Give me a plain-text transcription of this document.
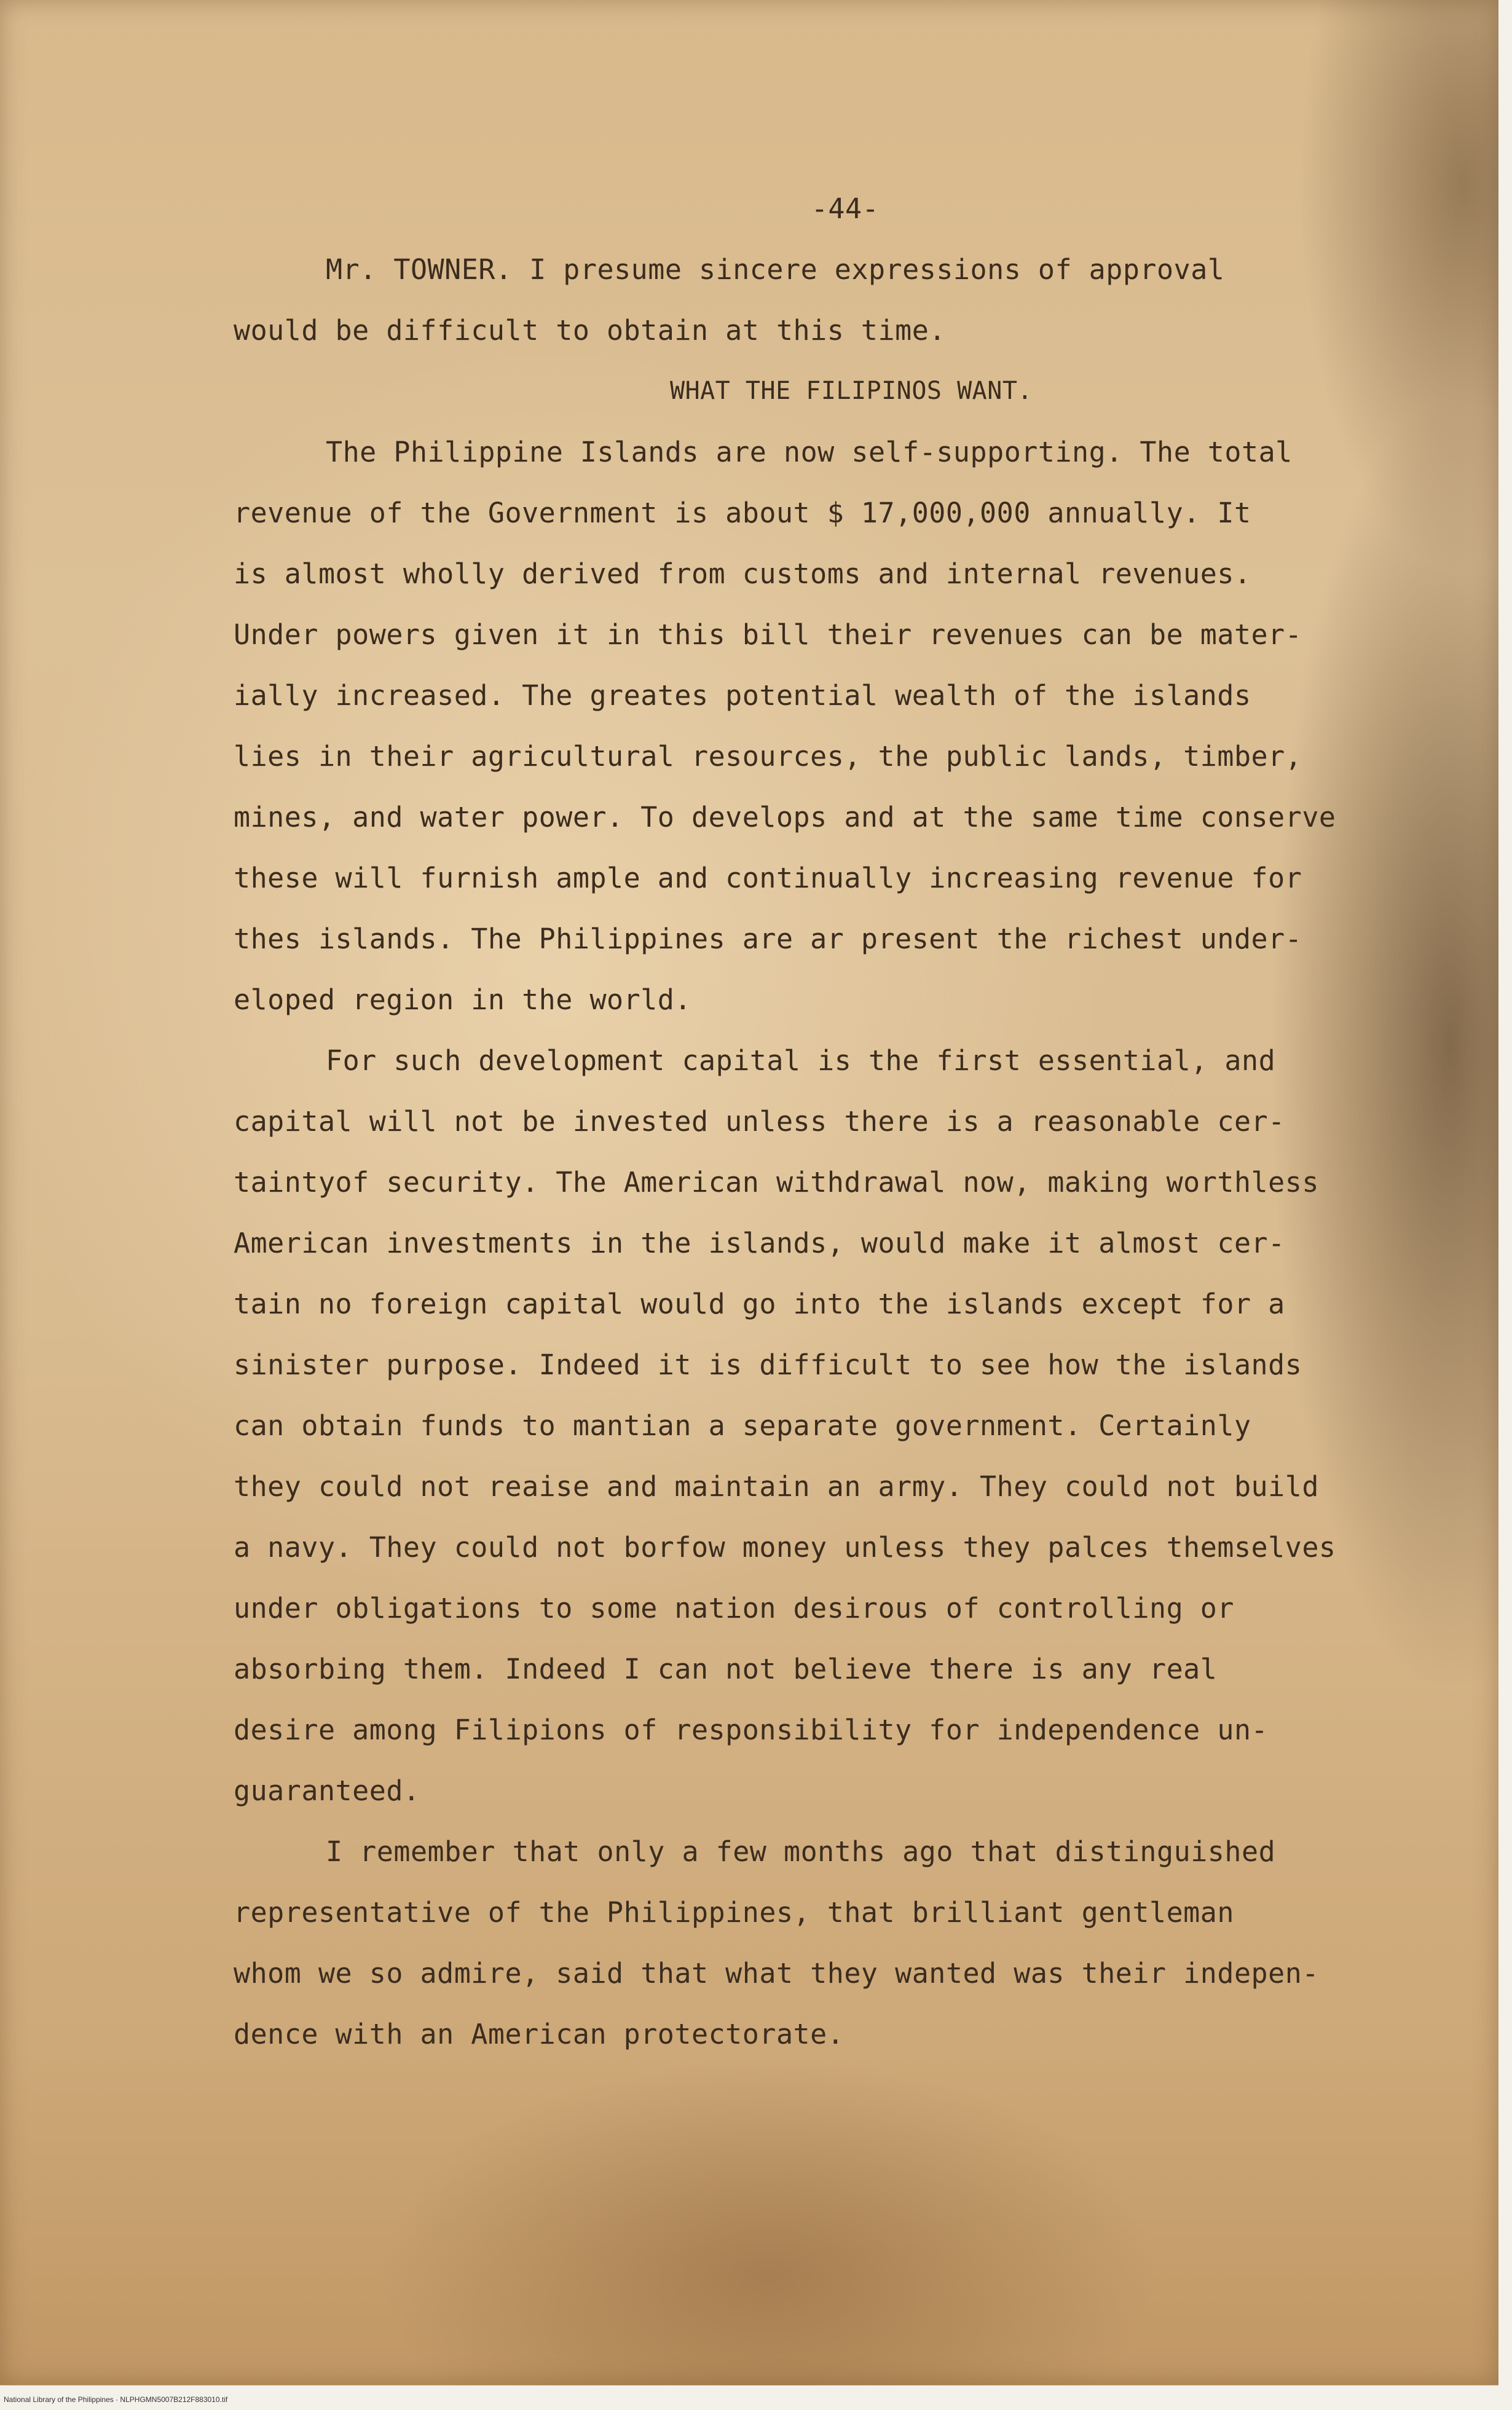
-44-
Mr. TOWNER. I presume sincere expressions of approval
would be difficult to obtain at this time.
WHAT THE FILIPINOS WANT.
The Philippine Islands are now self-supporting. The total
revenue of the Government is about $ 17,000,000 annually. It
is almost wholly derived from customs and internal revenues.
Under powers given it in this bill their revenues can be mater-
ially increased. The greates potential wealth of the islands
lies in their agricultural resources, the public lands, timber,
mines, and water power. To develops and at the same time conserve
these will furnish ample and continually increasing revenue for
thes islands. The Philippines are ar present the richest under-
eloped region in the world.
For such development capital is the first essential, and
capital will not be invested unless there is a reasonable cer-
taintyof security. The American withdrawal now, making worthless
American investments in the islands, would make it almost cer-
tain no foreign capital would go into the islands except for a
sinister purpose. Indeed it is difficult to see how the islands
can obtain funds to mantian a separate government. Certainly
they could not reaise and maintain an army. They could not build
a navy. They could not borfow money unless they palces themselves
under obligations to some nation desirous of controlling or
absorbing them. Indeed I can not believe there is any real
desire among Filipions of responsibility for independence un-
guaranteed.
I remember that only a few months ago that distinguished
representative of the Philippines, that brilliant gentleman
whom we so admire, said that what they wanted was their indepen-
dence with an American protectorate.
National Library of the Philippines · NLPHGMN5007B212F883010.tif
